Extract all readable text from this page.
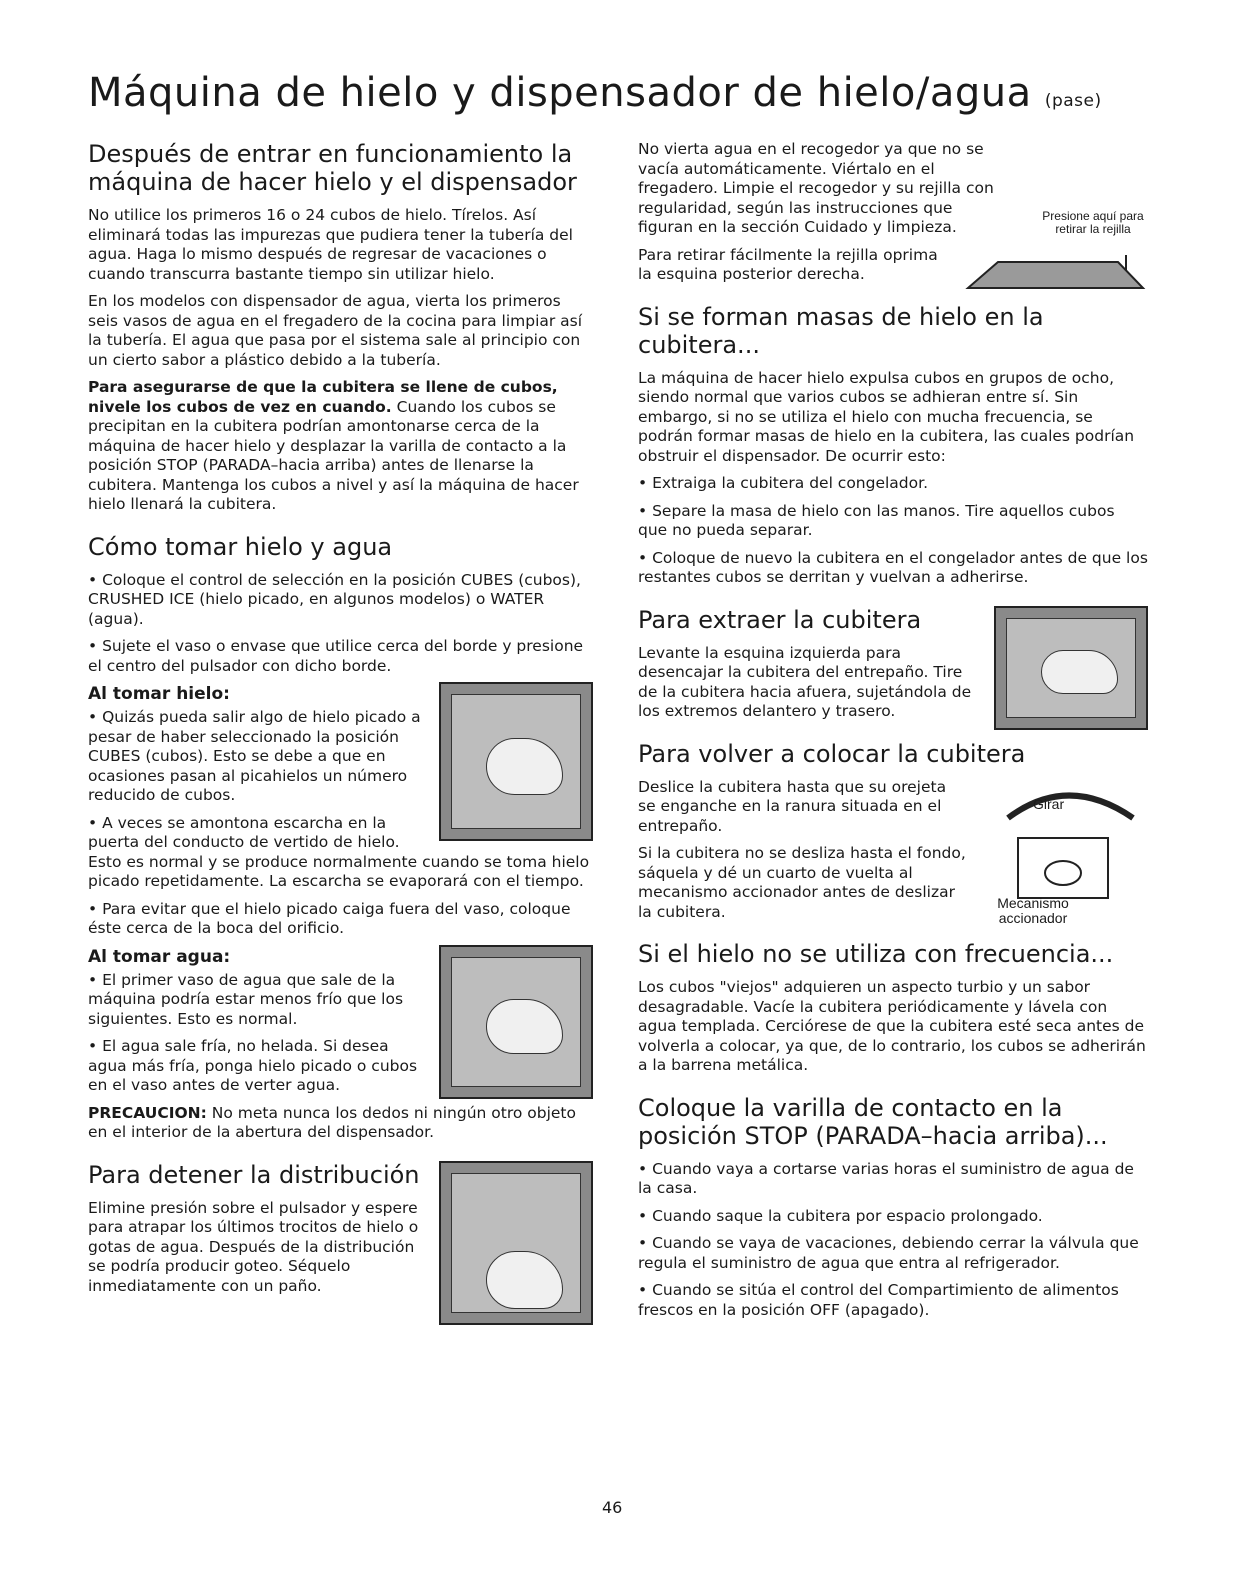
Máquina de hielo y dispensador de hielo/agua (pase)
Después de entrar en funcionamiento la máquina de hacer hielo y el dispensador

No utilice los primeros 16 o 24 cubos de hielo. Tírelos. Así eliminará todas las impurezas que pudiera tener la tubería del agua. Haga lo mismo después de regresar de vacaciones o cuando transcurra bastante tiempo sin utilizar hielo.

En los modelos con dispensador de agua, vierta los primeros seis vasos de agua en el fregadero de la cocina para limpiar así la tubería. El agua que pasa por el sistema sale al principio con un cierto sabor a plástico debido a la tubería.

Para asegurarse de que la cubitera se llene de cubos, nivele los cubos de vez en cuando. Cuando los cubos se precipitan en la cubitera podrían amontonarse cerca de la máquina de hacer hielo y desplazar la varilla de contacto a la posición STOP (PARADA–hacia arriba) antes de llenarse la cubitera. Mantenga los cubos a nivel y así la máquina de hacer hielo llenará la cubitera.

Cómo tomar hielo y agua

• Coloque el control de selección en la posición CUBES (cubos), CRUSHED ICE (hielo picado, en algunos modelos) o WATER (agua).

• Sujete el vaso o envase que utilice cerca del borde y presione el centro del pulsador con dicho borde.

Al tomar hielo:

• Quizás pueda salir algo de hielo picado a pesar de haber seleccionado la posición CUBES (cubos). Esto se debe a que en ocasiones pasan al picahielos un número reducido de cubos.

• A veces se amontona escarcha en la puerta del conducto de vertido de hielo. Esto es normal y se produce normalmente cuando se toma hielo picado repetidamente. La escarcha se evaporará con el tiempo.

• Para evitar que el hielo picado caiga fuera del vaso, coloque éste cerca de la boca del orificio.

Al tomar agua:

• El primer vaso de agua que sale de la máquina podría estar menos frío que los siguientes. Esto es normal.

• El agua sale fría, no helada. Si desea agua más fría, ponga hielo picado o cubos en el vaso antes de verter agua.

PRECAUCION: No meta nunca los dedos ni ningún otro objeto en el interior de la abertura del dispensador.

Para detener la distribución

Elimine presión sobre el pulsador y espere para atrapar los últimos trocitos de hielo o gotas de agua. Después de la distribución se podría producir goteo. Séquelo inmediatamente con un paño.

No vierta agua en el recogedor ya que no se vacía automáticamente. Viértalo en el fregadero. Limpie el recogedor y su rejilla con regularidad, según las instrucciones que figuran en la sección Cuidado y limpieza.

Presione aquí para retirar la rejilla

Para retirar fácilmente la rejilla oprima la esquina posterior derecha.

Si se forman masas de hielo en la cubitera...

La máquina de hacer hielo expulsa cubos en grupos de ocho, siendo normal que varios cubos se adhieran entre sí. Sin embargo, si no se utiliza el hielo con mucha frecuencia, se podrán formar masas de hielo en la cubitera, las cuales podrían obstruir el dispensador. De ocurrir esto:

• Extraiga la cubitera del congelador.

• Separe la masa de hielo con las manos. Tire aquellos cubos que no pueda separar.

• Coloque de nuevo la cubitera en el congelador antes de que los restantes cubos se derritan y vuelvan a adherirse.

Para extraer la cubitera

Levante la esquina izquierda para desencajar la cubitera del entrepaño. Tire de la cubitera hacia afuera, sujetándola de los extremos delantero y trasero.

Para volver a colocar la cubitera
Girar
Mecanismo accionador

Deslice la cubitera hasta que su orejeta se enganche en la ranura situada en el entrepaño.

Si la cubitera no se desliza hasta el fondo, sáquela y dé un cuarto de vuelta al mecanismo accionador antes de deslizar la cubitera.

Si el hielo no se utiliza con frecuencia...

Los cubos "viejos" adquieren un aspecto turbio y un sabor desagradable. Vacíe la cubitera periódicamente y lávela con agua templada. Cerciórese de que la cubitera esté seca antes de volverla a colocar, ya que, de lo contrario, los cubos se adherirán a la barrena metálica.

Coloque la varilla de contacto en la posición STOP (PARADA–hacia arriba)...

• Cuando vaya a cortarse varias horas el suministro de agua de la casa.

• Cuando saque la cubitera por espacio prolongado.

• Cuando se vaya de vacaciones, debiendo cerrar la válvula que regula el suministro de agua que entra al refrigerador.

• Cuando se sitúa el control del Compartimiento de alimentos frescos en la posición OFF (apagado).

46
